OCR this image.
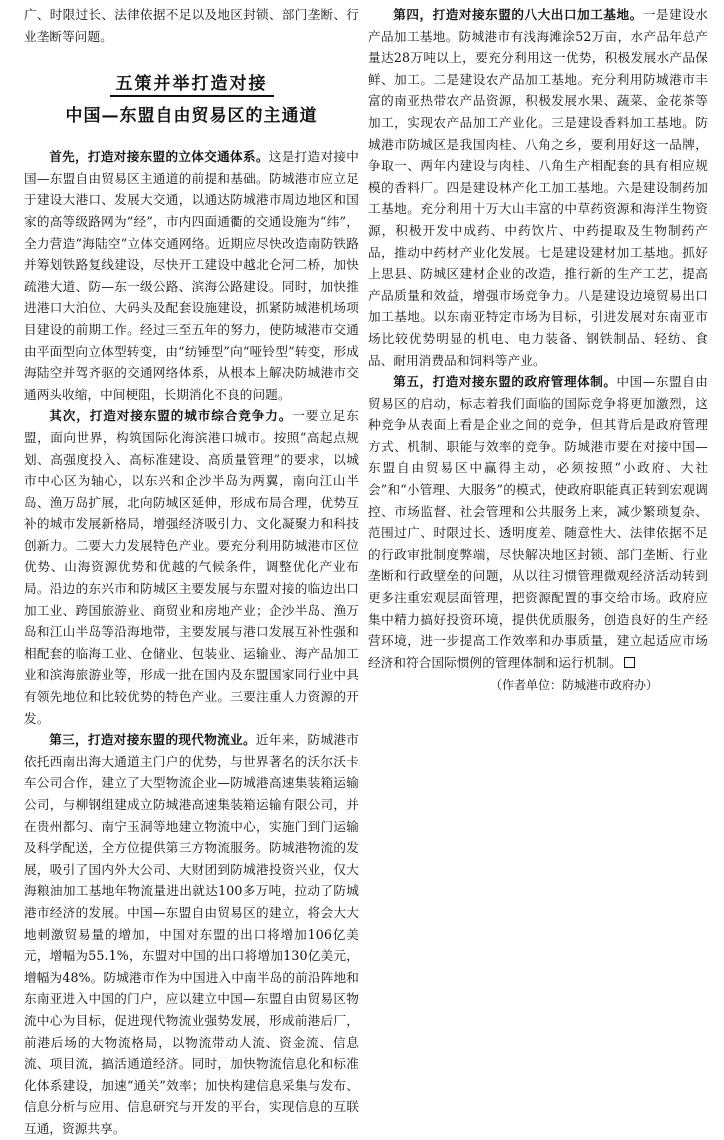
广、时限过长、法律依据不足以及地区封锁、部门垄断、行业垄断等问题。

五策并举打造对接
中国—东盟自由贸易区的主通道

首先，打造对接东盟的立体交通体系。这是打造对接中国—东盟自由贸易区主通道的前提和基础。防城港市应立足于建设大港口、发展大交通，以通达防城港市周边地区和国家的高等级路网为“经”，市内四面通衢的交通设施为“纬”，全力营造“海陆空”立体交通网络。近期应尽快改造南防铁路并筹划铁路复线建设，尽快开工建设中越北仑河二桥，加快疏港大道、防—东一级公路、滨海公路建设。同时，加快推进港口大泊位、大码头及配套设施建设，抓紧防城港机场项目建设的前期工作。经过三至五年的努力，使防城港市交通由平面型向立体型转变，由“纺锤型”向“哑铃型”转变，形成海陆空并驾齐驱的交通网络体系，从根本上解决防城港市交通两头收缩，中间梗阻，长期消化不良的问题。

其次，打造对接东盟的城市综合竞争力。一要立足东盟，面向世界，构筑国际化海滨港口城市。按照“高起点规划、高强度投入、高标准建设、高质量管理”的要求，以城市中心区为轴心，以东兴和企沙半岛为两翼，南向江山半岛、渔万岛扩展，北向防城区延伸，形成布局合理，优势互补的城市发展新格局，增强经济吸引力、文化凝聚力和科技创新力。二要大力发展特色产业。要充分利用防城港市区位优势、山海资源优势和优越的气候条件，调整优化产业布局。沿边的东兴市和防城区主要发展与东盟对接的临边出口加工业、跨国旅游业、商贸业和房地产业；企沙半岛、渔万岛和江山半岛等沿海地带，主要发展与港口发展互补性强和相配套的临海工业、仓储业、包装业、运输业、海产品加工业和滨海旅游业等，形成一批在国内及东盟国家同行业中具有领先地位和比较优势的特色产业。三要注重人力资源的开发。

第三，打造对接东盟的现代物流业。近年来，防城港市依托西南出海大通道主门户的优势，与世界著名的沃尔沃卡车公司合作，建立了大型物流企业—防城港高速集装箱运输公司，与柳钢组建成立防城港高速集装箱运输有限公司，并在贵州都匀、南宁玉洞等地建立物流中心，实施门到门运输及科学配送，全方位提供第三方物流服务。防城港物流的发展，吸引了国内外大公司、大财团到防城港投资兴业，仅大海粮油加工基地年物流量进出就达100多万吨，拉动了防城港市经济的发展。中国—东盟自由贸易区的建立，将会大大地刺激贸易量的增加，中国对东盟的出口将增加106亿美元，增幅为55.1%，东盟对中国的出口将增加130亿美元，增幅为48%。防城港市作为中国进入中南半岛的前沿阵地和东南亚进入中国的门户，应以建立中国—东盟自由贸易区物流中心为目标，促进现代物流业强势发展，形成前港后厂，前港后场的大物流格局，以物流带动人流、资金流、信息流、项目流，搞活通道经济。同时，加快物流信息化和标准化体系建设，加速“通关”效率；加快构建信息采集与发布、信息分析与应用、信息研究与开发的平台，实现信息的互联互通，资源共享。

第四，打造对接东盟的八大出口加工基地。一是建设水产品加工基地。防城港市有浅海滩涂52万亩，水产品年总产量达28万吨以上，要充分利用这一优势，积极发展水产品保鲜、加工。二是建设农产品加工基地。充分利用防城港市丰富的南亚热带农产品资源，积极发展水果、蔬菜、金花茶等加工，实现农产品加工产业化。三是建设香料加工基地。防城港市防城区是我国肉桂、八角之乡，要利用好这一品牌，争取一、两年内建设与肉桂、八角生产相配套的具有相应规模的香料厂。四是建设林产化工加工基地。六是建设制药加工基地。充分利用十万大山丰富的中草药资源和海洋生物资源，积极开发中成药、中药饮片、中药提取及生物制药产品，推动中药材产业化发展。七是建设建材加工基地。抓好上思县、防城区建材企业的改造，推行新的生产工艺，提高产品质量和效益，增强市场竞争力。八是建设边境贸易出口加工基地。以东南亚特定市场为目标，引进发展对东南亚市场比较优势明显的机电、电力装备、钢铁制品、轻纺、食品、耐用消费品和饲料等产业。

第五，打造对接东盟的政府管理体制。中国—东盟自由贸易区的启动，标志着我们面临的国际竞争将更加激烈，这种竞争从表面上看是企业之间的竞争，但其背后是政府管理方式、机制、职能与效率的竞争。防城港市要在对接中国—东盟自由贸易区中赢得主动，必须按照“小政府、大社会”和“小管理、大服务”的模式，使政府职能真正转到宏观调控、市场监督、社会管理和公共服务上来，减少繁琐复杂、范围过广、时限过长、透明度差、随意性大、法律依据不足的行政审批制度弊端，尽快解决地区封锁、部门垄断、行业垄断和行政壁垒的问题，从以往习惯管理微观经济活动转到更多注重宏观层面管理，把资源配置的事交给市场。政府应集中精力搞好投资环境，提供优质服务，创造良好的生产经营环境，进一步提高工作效率和办事质量，建立起适应市场经济和符合国际惯例的管理体制和运行机制。

（作者单位：防城港市政府办）
